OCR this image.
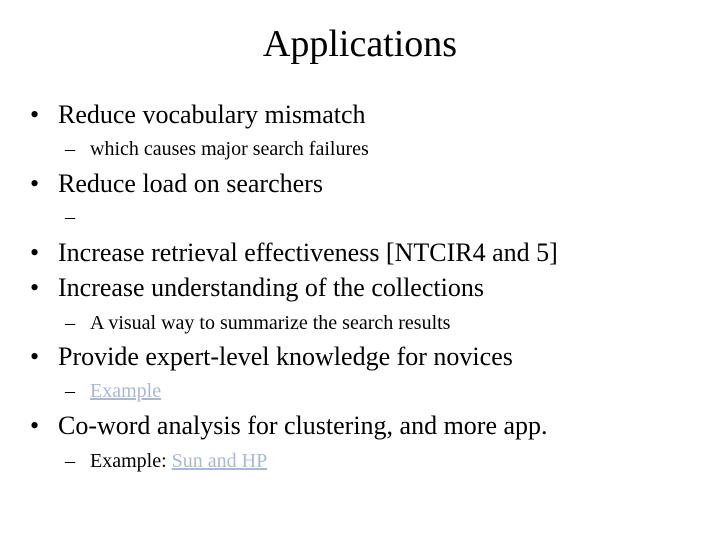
Applications
• Reduce vocabulary mismatch
– which causes major search failures
• Reduce load on searchers
–
• Increase retrieval effectiveness [NTCIR4 and 5]
• Increase understanding of the collections
– A visual way to summarize the search results
• Provide expert-level knowledge for novices
– Example
• Co-word analysis for clustering, and more app.
– Example: Sun and HP
